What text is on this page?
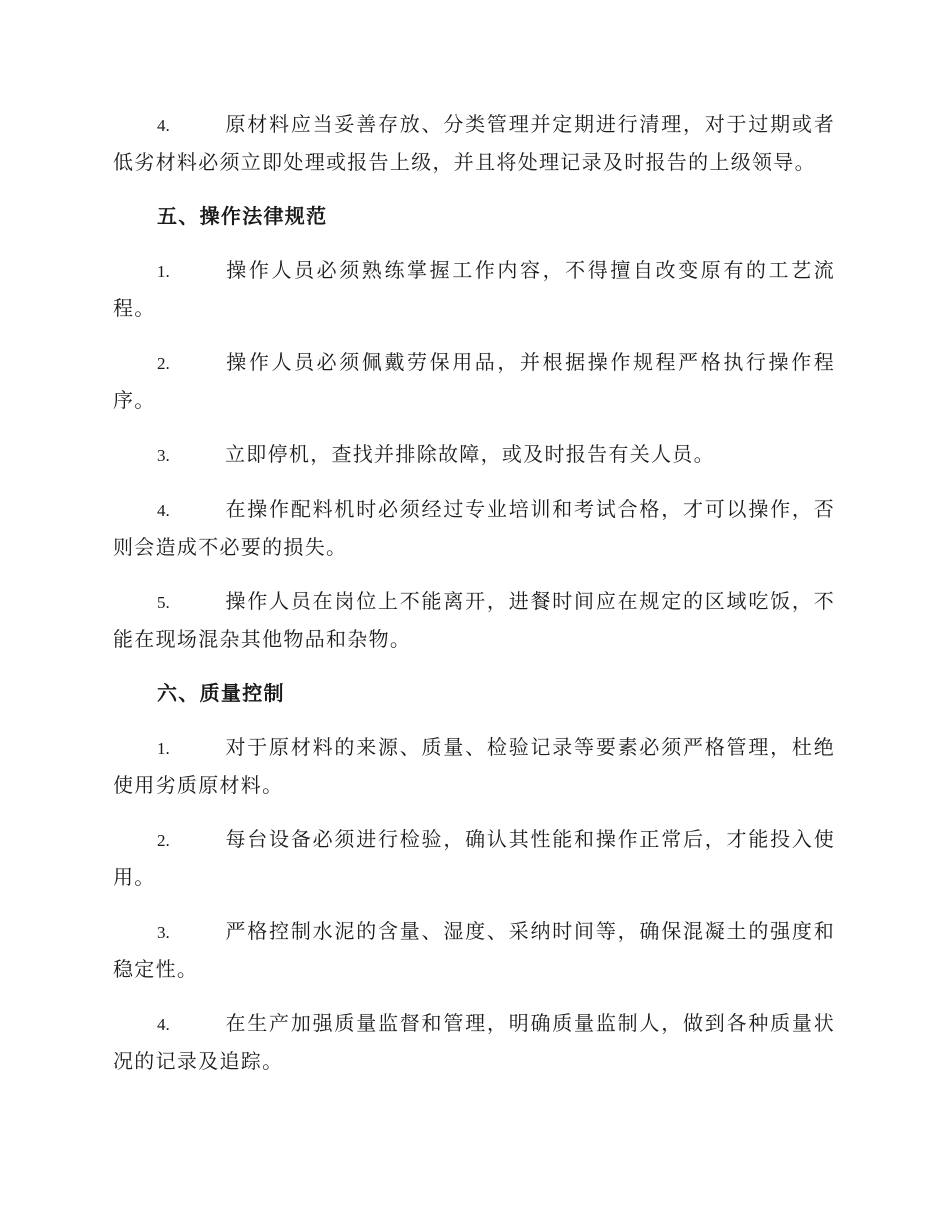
4.	原材料应当妥善存放、分类管理并定期进行清理，对于过期或者低劣材料必须立即处理或报告上级，并且将处理记录及时报告的上级领导。

五、操作法律规范

1.	操作人员必须熟练掌握工作内容，不得擅自改变原有的工艺流程。

2.	操作人员必须佩戴劳保用品，并根据操作规程严格执行操作程序。

3.	立即停机，查找并排除故障，或及时报告有关人员。

4.	在操作配料机时必须经过专业培训和考试合格，才可以操作，否则会造成不必要的损失。

5.	操作人员在岗位上不能离开，进餐时间应在规定的区域吃饭，不能在现场混杂其他物品和杂物。

六、质量控制

1.	对于原材料的来源、质量、检验记录等要素必须严格管理，杜绝使用劣质原材料。

2.	每台设备必须进行检验，确认其性能和操作正常后，才能投入使用。

3.	严格控制水泥的含量、湿度、采纳时间等，确保混凝土的强度和稳定性。

4.	在生产加强质量监督和管理，明确质量监制人，做到各种质量状况的记录及追踪。
